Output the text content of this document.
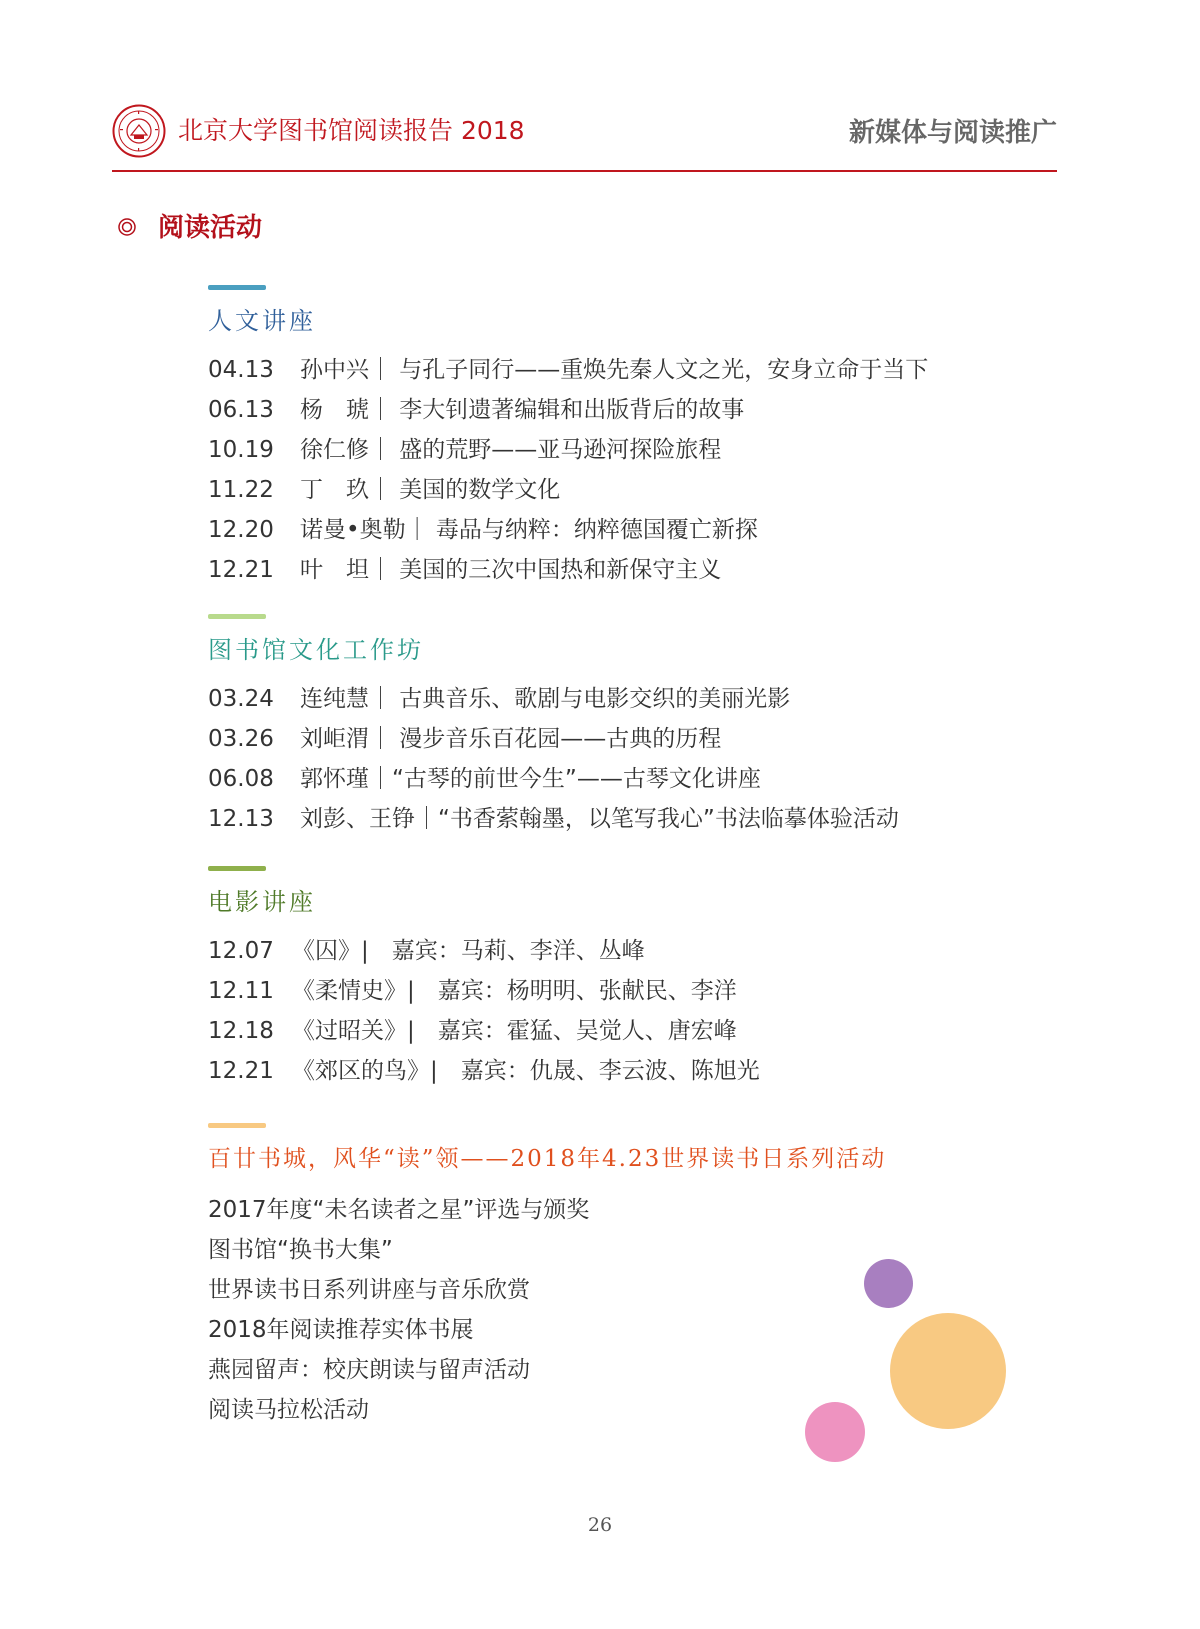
北京大学图书馆阅读报告 2018	新媒体与阅读推广
阅读活动
人文讲座
04.13	孙中兴｜ 与孔子同行——重焕先秦人文之光，安身立命于当下
06.13	杨　琥｜ 李大钊遗著编辑和出版背后的故事
10.19	徐仁修｜ 盛的荒野——亚马逊河探险旅程
11.22	丁　玖｜ 美国的数学文化
12.20	诺曼•奥勒｜ 毒品与纳粹：纳粹德国覆亡新探
12.21	叶　坦｜ 美国的三次中国热和新保守主义
图书馆文化工作坊
03.24	连纯慧｜ 古典音乐、歌剧与电影交织的美丽光影
03.26	刘岠渭｜ 漫步音乐百花园——古典的历程
06.08	郭怀瑾｜“古琴的前世今生”——古琴文化讲座
12.13	刘彭、王铮｜“书香萦翰墨，以笔写我心”书法临摹体验活动
电影讲座
12.07 《囚》|　嘉宾：马莉、李洋、丛峰
12.11 《柔情史》|　嘉宾：杨明明、张献民、李洋
12.18 《过昭关》|　嘉宾：霍猛、吴觉人、唐宏峰
12.21 《郊区的鸟》|　嘉宾：仇晟、李云波、陈旭光
百廿书城，风华“读”领——2018年4.23世界读书日系列活动
2017年度“未名读者之星”评选与颁奖
图书馆“换书大集”
世界读书日系列讲座与音乐欣赏
2018年阅读推荐实体书展
燕园留声：校庆朗读与留声活动
阅读马拉松活动
26
